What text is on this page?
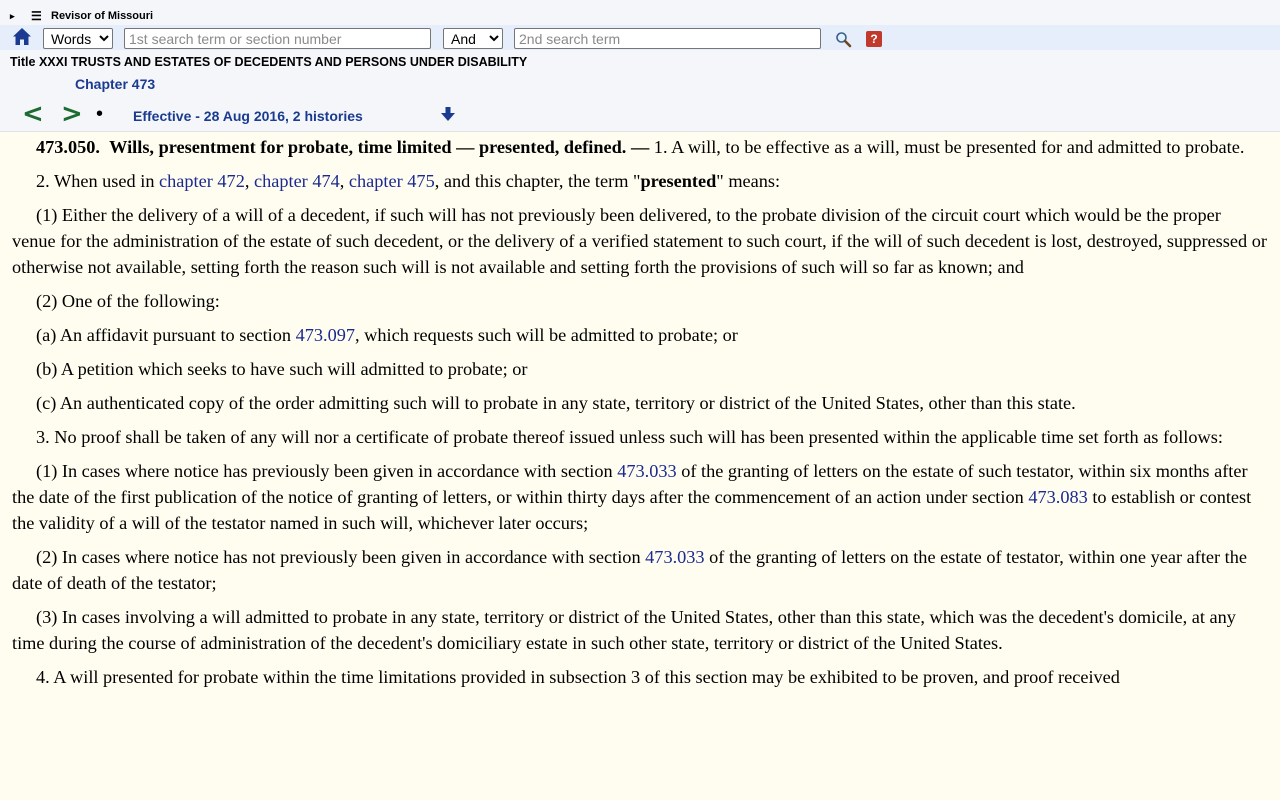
▸ ☰ Revisor of Missouri
Words
1st search term or section number
And
2nd search term
?
Title XXXI TRUSTS AND ESTATES OF DECEDENTS AND PERSONS UNDER DISABILITY
Chapter 473
< > • Effective - 28 Aug 2016, 2 histories

473.050. Wills, presentment for probate, time limited — presented, defined. — 1. A will, to be effective as a will, must be presented for and admitted to probate.

2. When used in chapter 472, chapter 474, chapter 475, and this chapter, the term "presented" means:

(1) Either the delivery of a will of a decedent, if such will has not previously been delivered, to the probate division of the circuit court which would be the proper venue for the administration of the estate of such decedent, or the delivery of a verified statement to such court, if the will of such decedent is lost, destroyed, suppressed or otherwise not available, setting forth the reason such will is not available and setting forth the provisions of such will so far as known; and

(2) One of the following:

(a) An affidavit pursuant to section 473.097, which requests such will be admitted to probate; or

(b) A petition which seeks to have such will admitted to probate; or

(c) An authenticated copy of the order admitting such will to probate in any state, territory or district of the United States, other than this state.

3. No proof shall be taken of any will nor a certificate of probate thereof issued unless such will has been presented within the applicable time set forth as follows:

(1) In cases where notice has previously been given in accordance with section 473.033 of the granting of letters on the estate of such testator, within six months after the date of the first publication of the notice of granting of letters, or within thirty days after the commencement of an action under section 473.083 to establish or contest the validity of a will of the testator named in such will, whichever later occurs;

(2) In cases where notice has not previously been given in accordance with section 473.033 of the granting of letters on the estate of testator, within one year after the date of death of the testator;

(3) In cases involving a will admitted to probate in any state, territory or district of the United States, other than this state, which was the decedent's domicile, at any time during the course of administration of the decedent's domiciliary estate in such other state, territory or district of the United States.

4. A will presented for probate within the time limitations provided in subsection 3 of this section may be exhibited to be proven, and proof received
